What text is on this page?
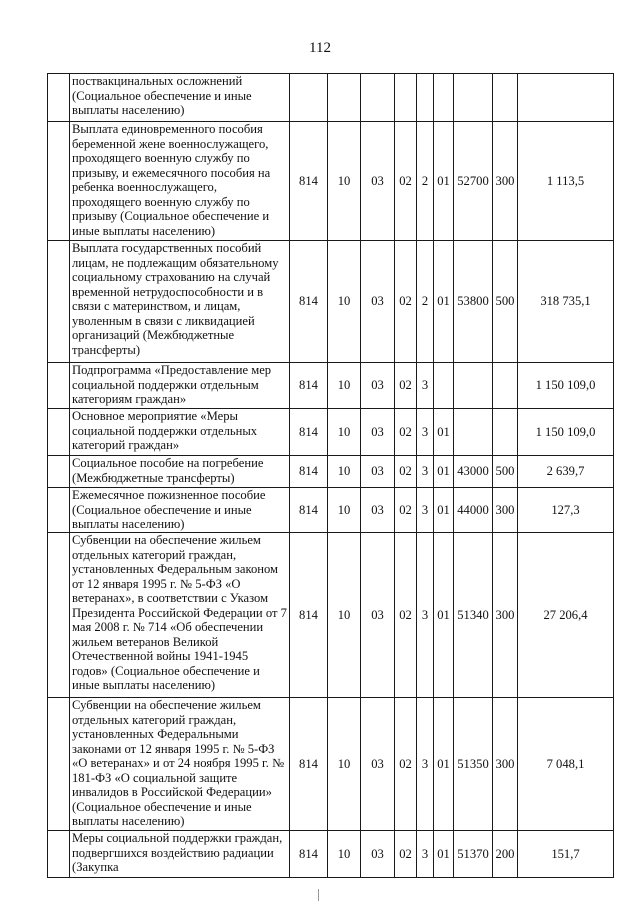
112
	поствакцинальных осложнений (Социальное обеспечение и иные выплаты населению)									
	Выплата единовременного пособия беременной жене военнослужащего, проходящего военную службу по призыву, и ежемесячного пособия на ребенка военнослужащего, проходящего военную службу по призыву (Социальное обеспечение и иные выплаты населению)	814	10	03	02	2	01	52700	300	1 113,5
	Выплата государственных пособий лицам, не подлежащим обязательному социальному страхованию на случай временной нетрудоспособности и в связи с материнством, и лицам, уволенным в связи с ликвидацией организаций (Межбюджетные трансферты)	814	10	03	02	2	01	53800	500	318 735,1
	Подпрограмма «Предоставление мер социальной поддержки отдельным категориям граждан»	814	10	03	02	3				1 150 109,0
	Основное мероприятие «Меры социальной поддержки отдельных категорий граждан»	814	10	03	02	3	01			1 150 109,0
	Социальное пособие на погребение (Межбюджетные трансферты)	814	10	03	02	3	01	43000	500	2 639,7
	Ежемесячное пожизненное пособие (Социальное обеспечение и иные выплаты населению)	814	10	03	02	3	01	44000	300	127,3
	Субвенции на обеспечение жильем отдельных категорий граждан, установленных Федеральным законом от 12 января 1995 г. № 5-ФЗ «О ветеранах», в соответствии с Указом Президента Российской Федерации от 7 мая 2008 г. № 714 «Об обеспечении жильем ветеранов Великой Отечественной войны 1941-1945 годов» (Социальное обеспечение и иные выплаты населению)	814	10	03	02	3	01	51340	300	27 206,4
	Субвенции на обеспечение жильем отдельных категорий граждан, установленных Федеральными законами от 12 января 1995 г. № 5-ФЗ «О ветеранах» и от 24 ноября 1995 г. № 181-ФЗ «О социальной защите инвалидов в Российской Федерации» (Социальное обеспечение и иные выплаты населению)	814	10	03	02	3	01	51350	300	7 048,1
	Меры социальной поддержки граждан, подвергшихся воздействию радиации (Закупка	814	10	03	02	3	01	51370	200	151,7
